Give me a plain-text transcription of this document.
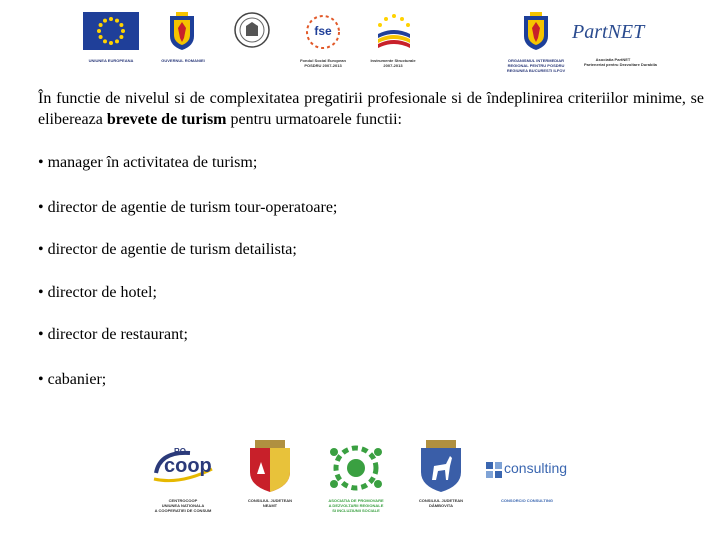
UNIUNEA EUROPEANA	GUVERNUL ROMANIEI
fse
Fondul Social European
POSDRU 2007-2013
Instrumente Structurale
2007-2013
ORGANISMUL INTERMEDIAR
REGIONAL PENTRU POSDRU
REGIUNEA BUCURESTI ILFOV
PartNET
Asociatia PartNET
Parteneriat pentru Dezvoltare Durabila

În functie de nivelul si de complexitatea pregatirii profesionale si de îndeplinirea criteriilor minime, se elibereaza brevete de turism pentru urmatoarele functii:

• manager în activitatea de turism;

• director de agentie de turism tour-operatoare;

• director de agentie de turism detailista;

• director de hotel;

• director de restaurant;

• cabanier;

RO
coop
CENTROCOOP
UNIUNEA NATIONALA
A COOPERATIEI DE CONSUM
CONSILIUL JUDETEAN
NEAMT
ASOCIATIA DE PROMOVARE
A DEZVOLTARII REGIONALE
SI INCLUZIUNII SOCIALE
CONSILIUL JUDETEAN
DÂMBOVITA
consulting
CONSORCIO CONSULTING
